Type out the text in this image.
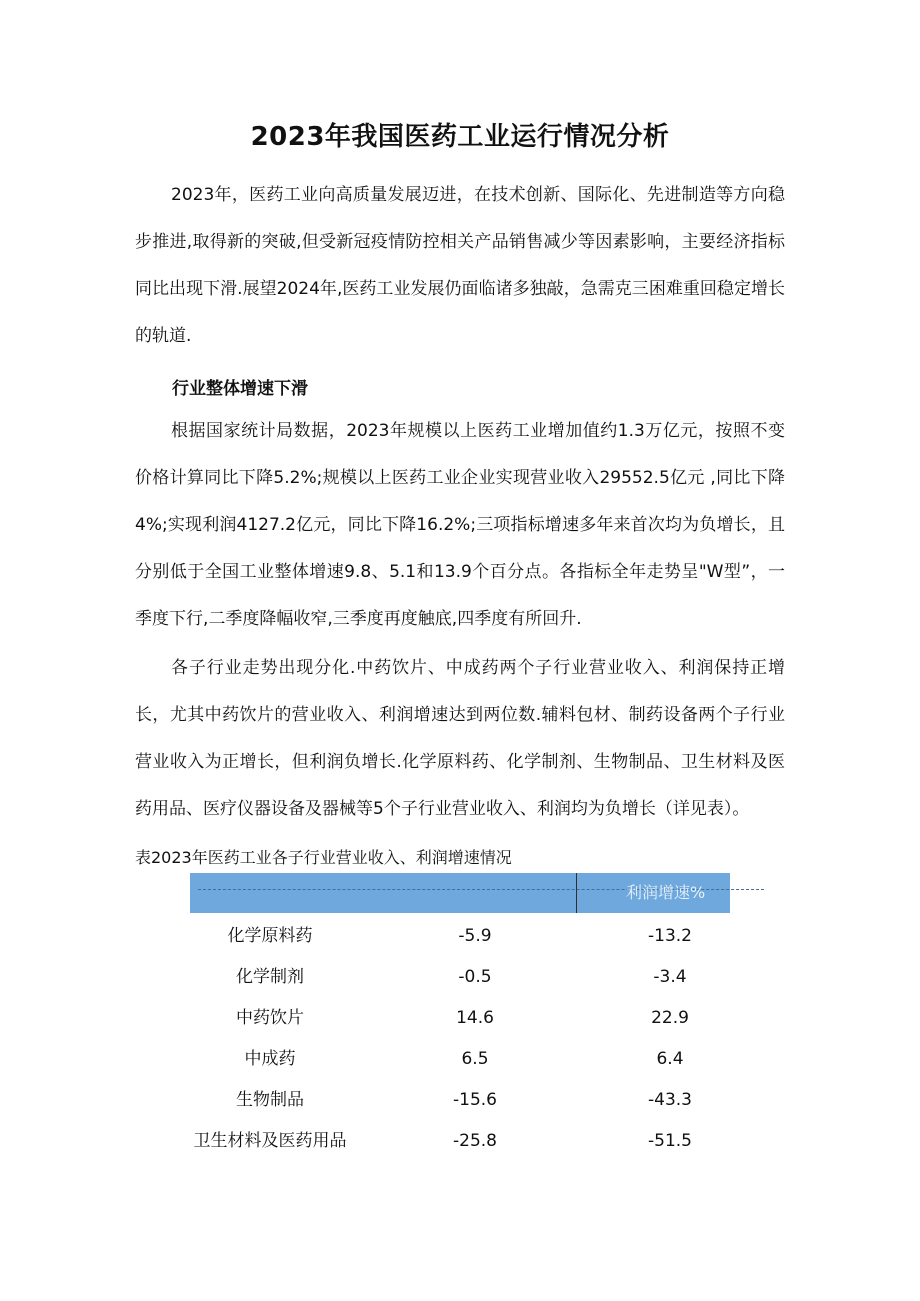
2023年我国医药工业运行情况分析
2023年，医药工业向高质量发展迈进，在技术创新、国际化、先进制造等方向稳步推进,取得新的突破,但受新冠疫情防控相关产品销售减少等因素影响，主要经济指标同比出现下滑.展望2024年,医药工业发展仍面临诸多独敲，急需克三困难重回稳定增长的轨道.
行业整体增速下滑
根据国家统计局数据，2023年规模以上医药工业增加值约1.3万亿元，按照不变价格计算同比下降5.2%;规模以上医药工业企业实现营业收入29552.5亿元 ,同比下降4%;实现利润4127.2亿元，同比下降16.2%;三项指标增速多年来首次均为负增长，且分别低于全国工业整体增速9.8、5.1和13.9个百分点。各指标全年走势呈"W型”，一季度下行,二季度降幅收窄,三季度再度触底,四季度有所回升.
各子行业走势出现分化.中药饮片、中成药两个子行业营业收入、利润保持正增长，尤其中药饮片的营业收入、利润增速达到两位数.辅料包材、制药设备两个子行业营业收入为正增长，但利润负增长.化学原料药、化学制剂、生物制品、卫生材料及医药用品、医疗仪器设备及器械等5个子行业营业收入、利润均为负增长（详见表）。
表2023年医药工业各子行业营业收入、利润增速情况
利润增速%
化学原料药	-5.9	-13.2
化学制剂	-0.5	-3.4
中药饮片	14.6	22.9
中成药	6.5	6.4
生物制品	-15.6	-43.3
卫生材料及医药用品	-25.8	-51.5
